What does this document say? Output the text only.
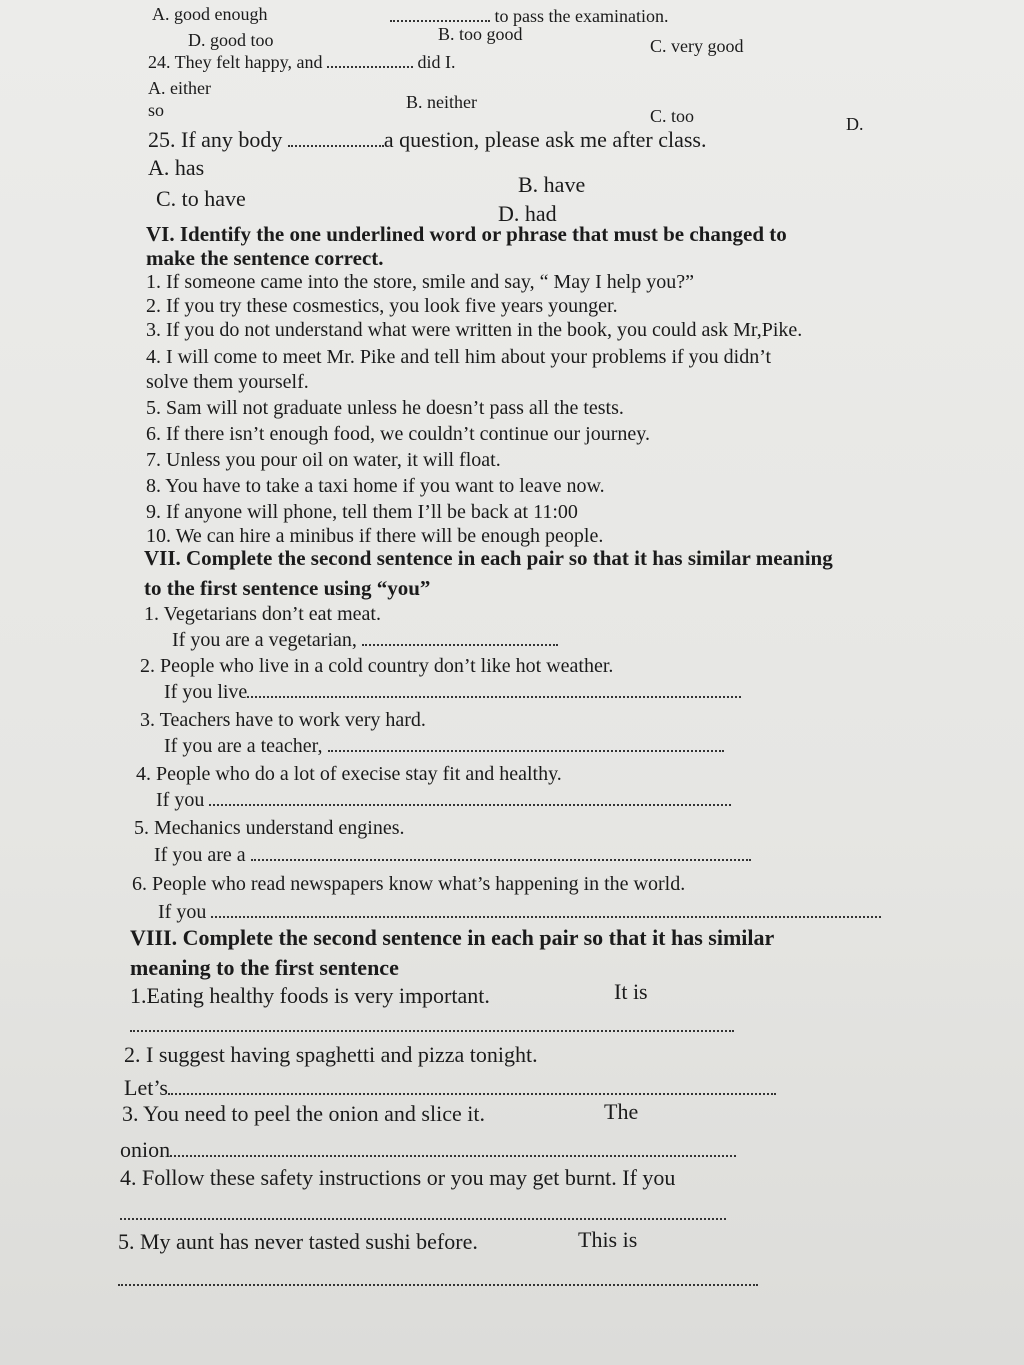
A. good enough	to pass the examination.
B. too good
D. good too	C. very good
24. They felt happy, and	did I.
A. either
B. neither
so	C. too	D.
25. If any body	a question, please ask me after class.
A. has
B. have
C. to have
D. had
VI. Identify the one underlined word or phrase that must be changed to
make the sentence correct.
1. If someone came into the store, smile and say, “ May I help you?”
2. If you try these cosmestics, you look five years younger.
3. If you do not understand what were written in the book, you could ask Mr,Pike.
4. I will come to meet Mr. Pike and tell him about your problems if you didn’t
solve them yourself.
5. Sam will not graduate unless he doesn’t pass all the tests.
6. If there isn’t enough food, we couldn’t continue our journey.
7. Unless you pour oil on water, it will float.
8. You have to take a taxi home if you want to leave now.
9. If anyone will phone, tell them I’ll be back at 11:00
10. We can hire a minibus if there will be enough people.
VII. Complete the second sentence in each pair so that it has similar meaning
to the first sentence using “you”
1. Vegetarians don’t eat meat.
If you are a vegetarian,
2. People who live in a cold country don’t like hot weather.
If you live
3. Teachers have to work very hard.
If you are a teacher,
4. People who do a lot of execise stay fit and healthy.
If you
5. Mechanics understand engines.
If you are a
6. People who read newspapers know what’s happening in the world.
If you
VIII. Complete the second sentence in each pair so that it has similar
meaning to the first sentence
1.Eating healthy foods is very important.	It is
2. I suggest having spaghetti and pizza tonight.
Let’s
3. You need to peel the onion and slice it.	The
onion
4. Follow these safety instructions or you may get burnt. If you
5. My aunt has never tasted sushi before.	This is
